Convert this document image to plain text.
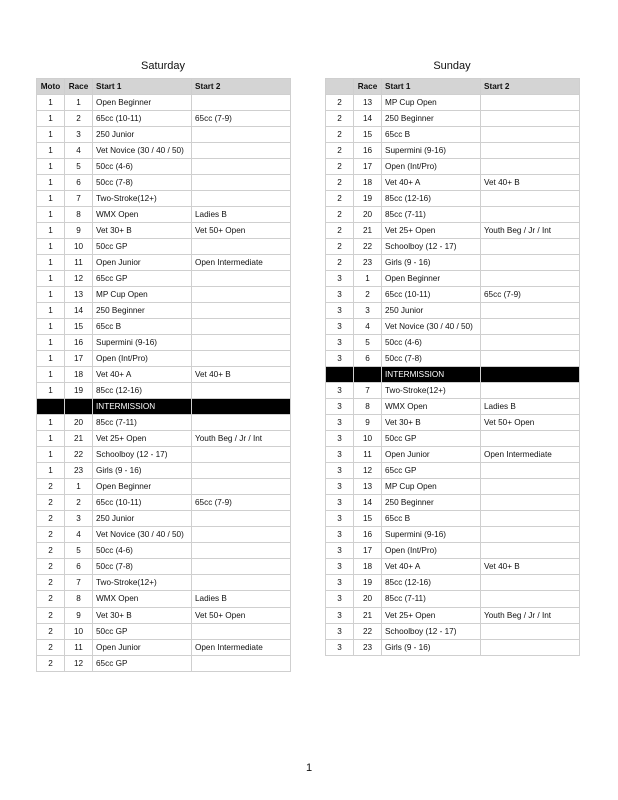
Saturday
Moto	Race	Start 1	Start 2
1	1	Open Beginner	
1	2	65cc (10-11)	65cc (7-9)
1	3	250 Junior	
1	4	Vet Novice (30 / 40 / 50)	
1	5	50cc (4-6)	
1	6	50cc (7-8)	
1	7	Two-Stroke(12+)	
1	8	WMX Open	Ladies B
1	9	Vet 30+ B	Vet 50+ Open
1	10	50cc GP	
1	11	Open Junior	Open Intermediate
1	12	65cc GP	
1	13	MP Cup Open	
1	14	250 Beginner	
1	15	65cc B	
1	16	Supermini (9-16)	
1	17	Open (Int/Pro)	
1	18	Vet 40+ A	Vet 40+ B
1	19	85cc (12-16)	
		INTERMISSION	
1	20	85cc (7-11)	
1	21	Vet 25+ Open	Youth Beg / Jr / Int
1	22	Schoolboy (12 - 17)	
1	23	Girls (9 - 16)	
2	1	Open Beginner	
2	2	65cc (10-11)	65cc (7-9)
2	3	250 Junior	
2	4	Vet Novice (30 / 40 / 50)	
2	5	50cc (4-6)	
2	6	50cc (7-8)	
2	7	Two-Stroke(12+)	
2	8	WMX Open	Ladies B
2	9	Vet 30+ B	Vet 50+ Open
2	10	50cc GP	
2	11	Open Junior	Open Intermediate
2	12	65cc GP	
Sunday
	Race	Start 1	Start 2
2	13	MP Cup Open	
2	14	250 Beginner	
2	15	65cc B	
2	16	Supermini (9-16)	
2	17	Open (Int/Pro)	
2	18	Vet 40+ A	Vet 40+ B
2	19	85cc (12-16)	
2	20	85cc (7-11)	
2	21	Vet 25+ Open	Youth Beg / Jr / Int
2	22	Schoolboy (12 - 17)	
2	23	Girls (9 - 16)	
3	1	Open Beginner	
3	2	65cc (10-11)	65cc (7-9)
3	3	250 Junior	
3	4	Vet Novice (30 / 40 / 50)	
3	5	50cc (4-6)	
3	6	50cc (7-8)	
		INTERMISSION	
3	7	Two-Stroke(12+)	
3	8	WMX Open	Ladies B
3	9	Vet 30+ B	Vet 50+ Open
3	10	50cc GP	
3	11	Open Junior	Open Intermediate
3	12	65cc GP	
3	13	MP Cup Open	
3	14	250 Beginner	
3	15	65cc B	
3	16	Supermini (9-16)	
3	17	Open (Int/Pro)	
3	18	Vet 40+ A	Vet 40+ B
3	19	85cc (12-16)	
3	20	85cc (7-11)	
3	21	Vet 25+ Open	Youth Beg / Jr / Int
3	22	Schoolboy (12 - 17)	
3	23	Girls (9 - 16)	
1
